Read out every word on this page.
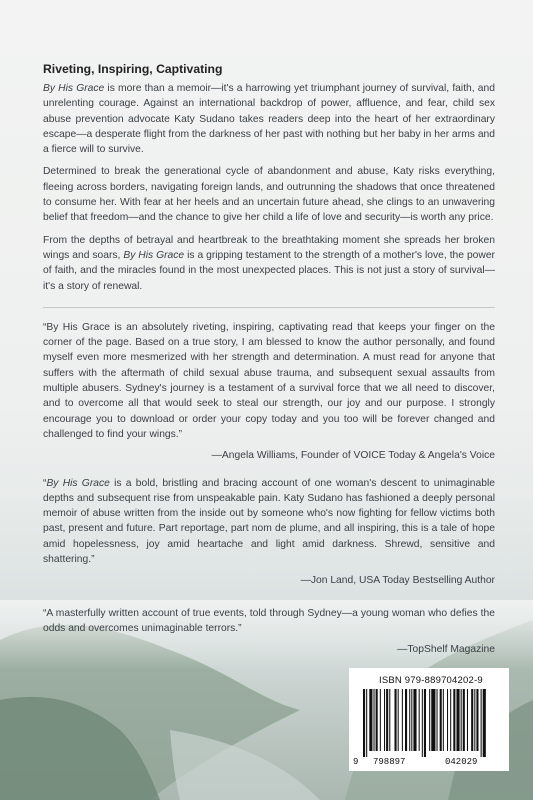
Riveting, Inspiring, Captivating

By His Grace is more than a memoir—it's a harrowing yet triumphant journey of survival, faith, and unrelenting courage. Against an international backdrop of power, affluence, and fear, child sex abuse prevention advocate Katy Sudano takes readers deep into the heart of her extraordinary escape—a desperate flight from the darkness of her past with nothing but her baby in her arms and a fierce will to survive.

Determined to break the generational cycle of abandonment and abuse, Katy risks everything, fleeing across borders, navigating foreign lands, and outrunning the shadows that once threatened to consume her. With fear at her heels and an uncertain future ahead, she clings to an unwavering belief that freedom—and the chance to give her child a life of love and security—is worth any price.

From the depths of betrayal and heartbreak to the breathtaking moment she spreads her broken wings and soars, By His Grace is a gripping testament to the strength of a mother's love, the power of faith, and the miracles found in the most unexpected places. This is not just a story of survival—it's a story of renewal.

“By His Grace is an absolutely riveting, inspiring, captivating read that keeps your finger on the corner of the page. Based on a true story, I am blessed to know the author personally, and found myself even more mesmerized with her strength and determination. A must read for anyone that suffers with the aftermath of child sexual abuse trauma, and subsequent sexual assaults from multiple abusers. Sydney's journey is a testament of a survival force that we all need to discover, and to overcome all that would seek to steal our strength, our joy and our purpose. I strongly encourage you to download or order your copy today and you too will be forever changed and challenged to find your wings.”

—Angela Williams, Founder of VOICE Today & Angela's Voice

“By His Grace is a bold, bristling and bracing account of one woman's descent to unimaginable depths and subsequent rise from unspeakable pain. Katy Sudano has fashioned a deeply personal memoir of abuse written from the inside out by someone who's now fighting for fellow victims both past, present and future. Part reportage, part nom de plume, and all inspiring, this is a tale of hope amid hopelessness, joy amid heartache and light amid darkness. Shrewd, sensitive and shattering.”

—Jon Land, USA Today Bestselling Author

“A masterfully written account of true events, told through Sydney—a young woman who defies the odds and overcomes unimaginable terrors.”

—TopShelf Magazine

ISBN 979-889704202-9
9 798897	042029
